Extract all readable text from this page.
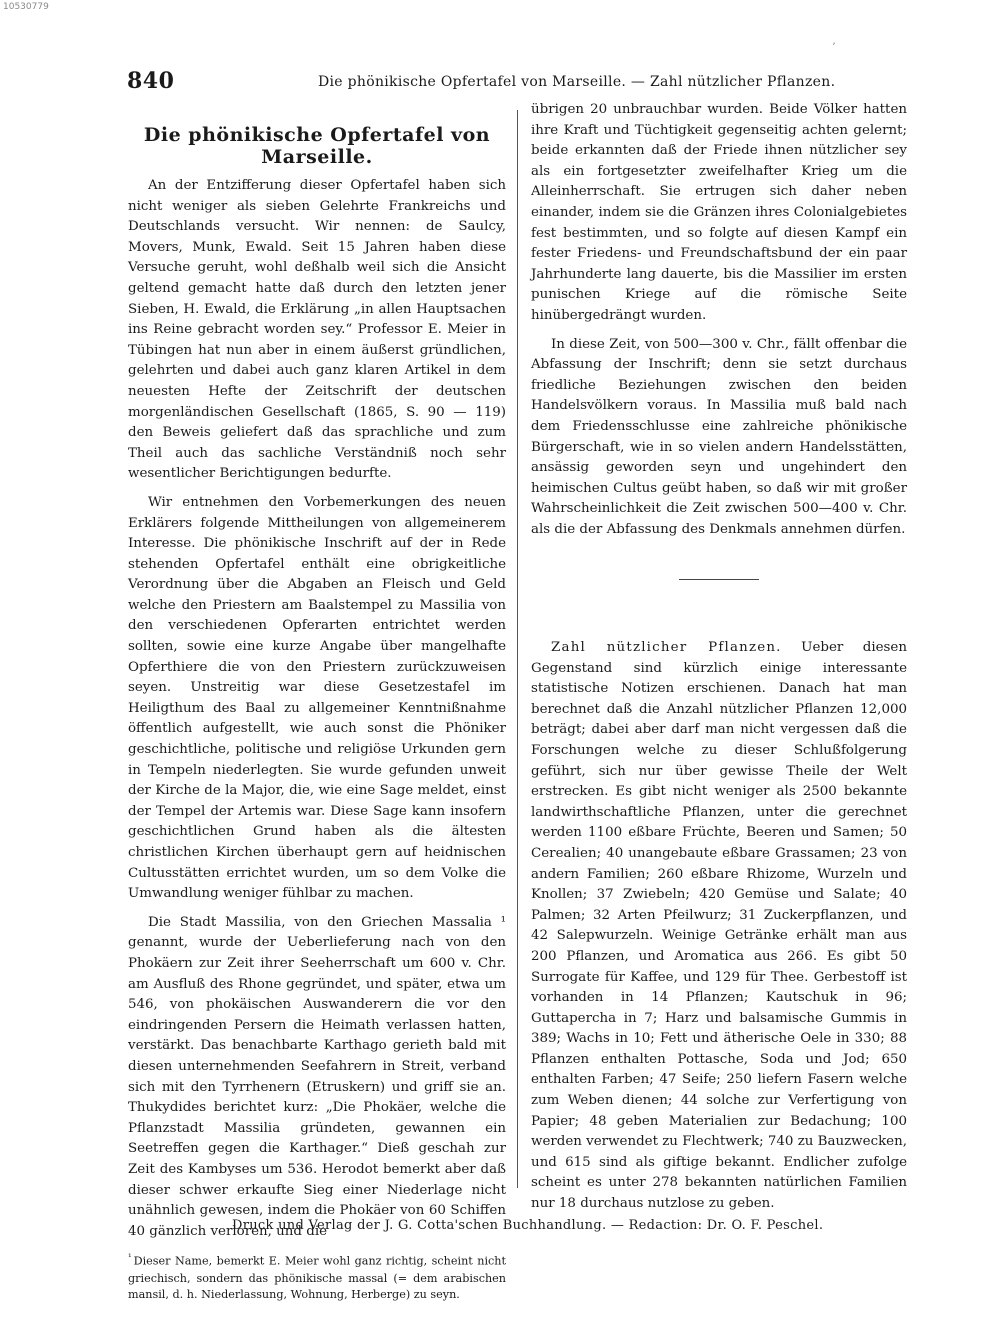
10530779
ʼ
840	Die phönikische Opfertafel von Marseille. — Zahl nützlicher Pflanzen.
Die phönikische Opfertafel von Marseille.

An der Entzifferung dieser Opfertafel haben sich nicht weniger als sieben Gelehrte Frankreichs und Deutschlands versucht. Wir nennen: de Saulcy, Movers, Munk, Ewald. Seit 15 Jahren haben diese Versuche geruht, wohl deßhalb weil sich die Ansicht geltend gemacht hatte daß durch den letzten jener Sieben, H. Ewald, die Erklärung „in allen Hauptsachen ins Reine gebracht worden sey.“ Professor E. Meier in Tübingen hat nun aber in einem äußerst gründlichen, gelehrten und dabei auch ganz klaren Artikel in dem neuesten Hefte der Zeitschrift der deutschen morgenländischen Gesellschaft (1865, S. 90 — 119) den Beweis geliefert daß das sprachliche und zum Theil auch das sachliche Verständniß noch sehr wesentlicher Berichtigungen bedurfte.

Wir entnehmen den Vorbemerkungen des neuen Erklärers folgende Mittheilungen von allgemeinerem Interesse. Die phönikische Inschrift auf der in Rede stehenden Opfertafel enthält eine obrigkeitliche Verordnung über die Abgaben an Fleisch und Geld welche den Priestern am Baalstempel zu Massilia von den verschiedenen Opferarten entrichtet werden sollten, sowie eine kurze Angabe über mangelhafte Opferthiere die von den Priestern zurückzuweisen seyen. Unstreitig war diese Gesetzestafel im Heiligthum des Baal zu allgemeiner Kenntnißnahme öffentlich aufgestellt, wie auch sonst die Phöniker geschichtliche, politische und religiöse Urkunden gern in Tempeln niederlegten. Sie wurde gefunden unweit der Kirche de la Major, die, wie eine Sage meldet, einst der Tempel der Artemis war. Diese Sage kann insofern geschichtlichen Grund haben als die ältesten christlichen Kirchen überhaupt gern auf heidnischen Cultusstätten errichtet wurden, um so dem Volke die Umwandlung weniger fühlbar zu machen.

Die Stadt Massilia, von den Griechen Massalia ¹ genannt, wurde der Ueberlieferung nach von den Phokäern zur Zeit ihrer Seeherrschaft um 600 v. Chr. am Ausfluß des Rhone gegründet, und später, etwa um 546, von phokäischen Auswanderern die vor den eindringenden Persern die Heimath verlassen hatten, verstärkt. Das benachbarte Karthago gerieth bald mit diesen unternehmenden Seefahrern in Streit, verband sich mit den Tyrrhenern (Etruskern) und griff sie an. Thukydides berichtet kurz: „Die Phokäer, welche die Pflanzstadt Massilia gründeten, gewannen ein Seetreffen gegen die Karthager.“ Dieß geschah zur Zeit des Kambyses um 536. Herodot bemerkt aber daß dieser schwer erkaufte Sieg einer Niederlage nicht unähnlich gewesen, indem die Phokäer von 60 Schiffen 40 gänzlich verloren, und die

$^{^1}$ Dieser Name, bemerkt E. Meier wohl ganz richtig, scheint nicht griechisch, sondern das phönikische massal (= dem arabischen mansil, d. h. Niederlassung, Wohnung, Herberge) zu seyn.

übrigen 20 unbrauchbar wurden. Beide Völker hatten ihre Kraft und Tüchtigkeit gegenseitig achten gelernt; beide erkannten daß der Friede ihnen nützlicher sey als ein fortgesetzter zweifelhafter Krieg um die Alleinherrschaft. Sie ertrugen sich daher neben einander, indem sie die Gränzen ihres Colonialgebietes fest bestimmten, und so folgte auf diesen Kampf ein fester Friedens- und Freundschaftsbund der ein paar Jahrhunderte lang dauerte, bis die Massilier im ersten punischen Kriege auf die römische Seite hinübergedrängt wurden.

In diese Zeit, von 500—300 v. Chr., fällt offenbar die Abfassung der Inschrift; denn sie setzt durchaus friedliche Beziehungen zwischen den beiden Handelsvölkern voraus. In Massilia muß bald nach dem Friedensschlusse eine zahlreiche phönikische Bürgerschaft, wie in so vielen andern Handelsstätten, ansässig geworden seyn und ungehindert den heimischen Cultus geübt haben, so daß wir mit großer Wahrscheinlichkeit die Zeit zwischen 500—400 v. Chr. als die der Abfassung des Denkmals annehmen dürfen.

Zahl nützlicher Pflanzen. Ueber diesen Gegenstand sind kürzlich einige interessante statistische Notizen erschienen. Danach hat man berechnet daß die Anzahl nützlicher Pflanzen 12,000 beträgt; dabei aber darf man nicht vergessen daß die Forschungen welche zu dieser Schlußfolgerung geführt, sich nur über gewisse Theile der Welt erstrecken. Es gibt nicht weniger als 2500 bekannte landwirthschaftliche Pflanzen, unter die gerechnet werden 1100 eßbare Früchte, Beeren und Samen; 50 Cerealien; 40 unangebaute eßbare Grassamen; 23 von andern Familien; 260 eßbare Rhizome, Wurzeln und Knollen; 37 Zwiebeln; 420 Gemüse und Salate; 40 Palmen; 32 Arten Pfeilwurz; 31 Zuckerpflanzen, und 42 Salepwurzeln. Weinige Getränke erhält man aus 200 Pflanzen, und Aromatica aus 266. Es gibt 50 Surrogate für Kaffee, und 129 für Thee. Gerbestoff ist vorhanden in 14 Pflanzen; Kautschuk in 96; Guttapercha in 7; Harz und balsamische Gummis in 389; Wachs in 10; Fett und ätherische Oele in 330; 88 Pflanzen enthalten Pottasche, Soda und Jod; 650 enthalten Farben; 47 Seife; 250 liefern Fasern welche zum Weben dienen; 44 solche zur Verfertigung von Papier; 48 geben Materialien zur Bedachung; 100 werden verwendet zu Flechtwerk; 740 zu Bauzwecken, und 615 sind als giftige bekannt. Endlicher zufolge scheint es unter 278 bekannten natürlichen Familien nur 18 durchaus nutzlose zu geben.

Druck und Verlag der J. G. Cotta'schen Buchhandlung. — Redaction: Dr. O. F. Peschel.
